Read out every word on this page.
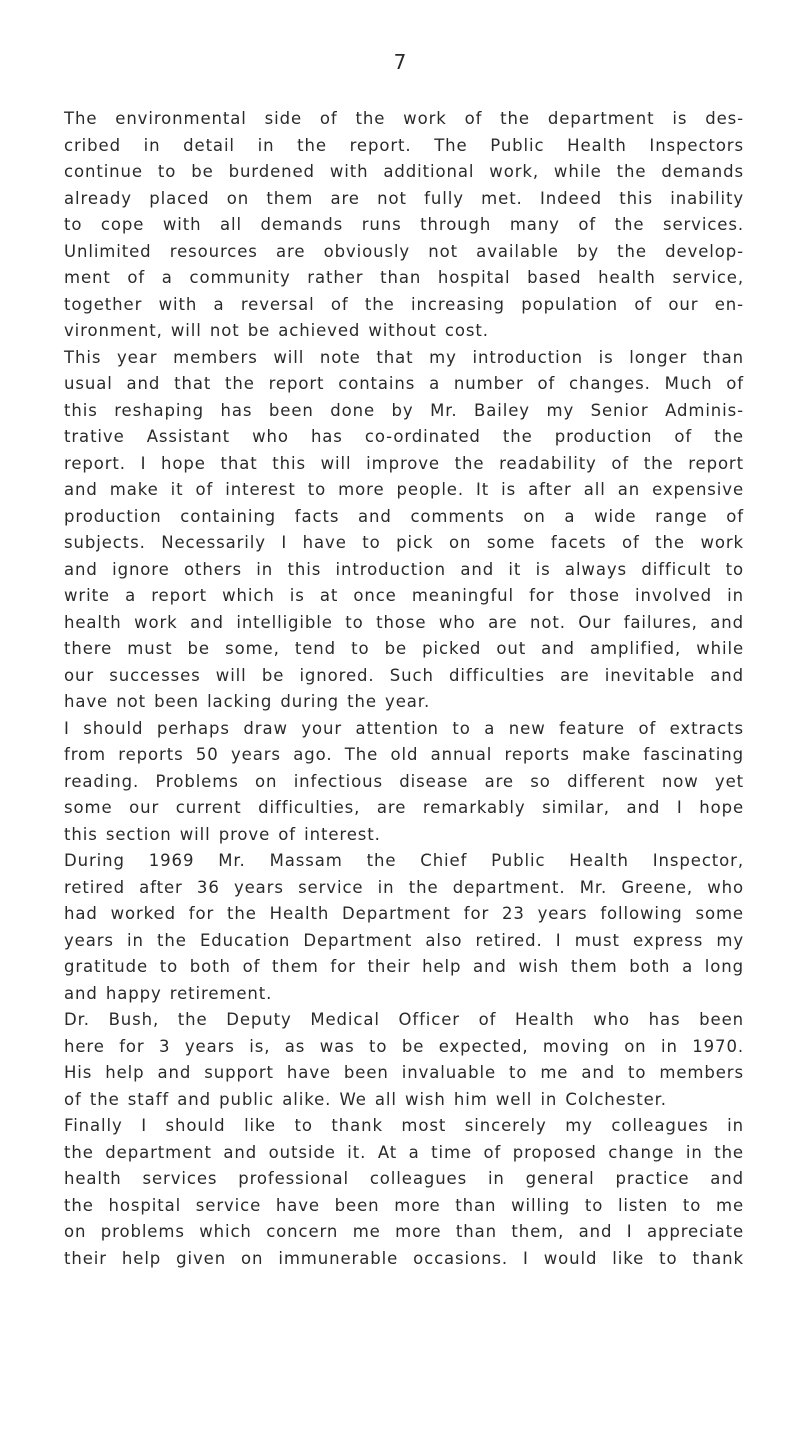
7
The environmental side of the work of the department is des-
cribed in detail in the report. The Public Health Inspectors
continue to be burdened with additional work, while the demands
already placed on them are not fully met. Indeed this inability
to cope with all demands runs through many of the services.
Unlimited resources are obviously not available by the develop-
ment of a community rather than hospital based health service,
together with a reversal of the increasing population of our en-
vironment, will not be achieved without cost.
This year members will note that my introduction is longer than
usual and that the report contains a number of changes. Much of
this reshaping has been done by Mr. Bailey my Senior Adminis-
trative Assistant who has co-ordinated the production of the
report. I hope that this will improve the readability of the report
and make it of interest to more people. It is after all an expensive
production containing facts and comments on a wide range of
subjects. Necessarily I have to pick on some facets of the work
and ignore others in this introduction and it is always difficult to
write a report which is at once meaningful for those involved in
health work and intelligible to those who are not. Our failures, and
there must be some, tend to be picked out and amplified, while
our successes will be ignored. Such difficulties are inevitable and
have not been lacking during the year.
I should perhaps draw your attention to a new feature of extracts
from reports 50 years ago. The old annual reports make fascinating
reading. Problems on infectious disease are so different now yet
some our current difficulties, are remarkably similar, and I hope
this section will prove of interest.
During 1969 Mr. Massam the Chief Public Health Inspector,
retired after 36 years service in the department. Mr. Greene, who
had worked for the Health Department for 23 years following some
years in the Education Department also retired. I must express my
gratitude to both of them for their help and wish them both a long
and happy retirement.
Dr. Bush, the Deputy Medical Officer of Health who has been
here for 3 years is, as was to be expected, moving on in 1970.
His help and support have been invaluable to me and to members
of the staff and public alike. We all wish him well in Colchester.
Finally I should like to thank most sincerely my colleagues in
the department and outside it. At a time of proposed change in the
health services professional colleagues in general practice and
the hospital service have been more than willing to listen to me
on problems which concern me more than them, and I appreciate
their help given on immunerable occasions. I would like to thank
